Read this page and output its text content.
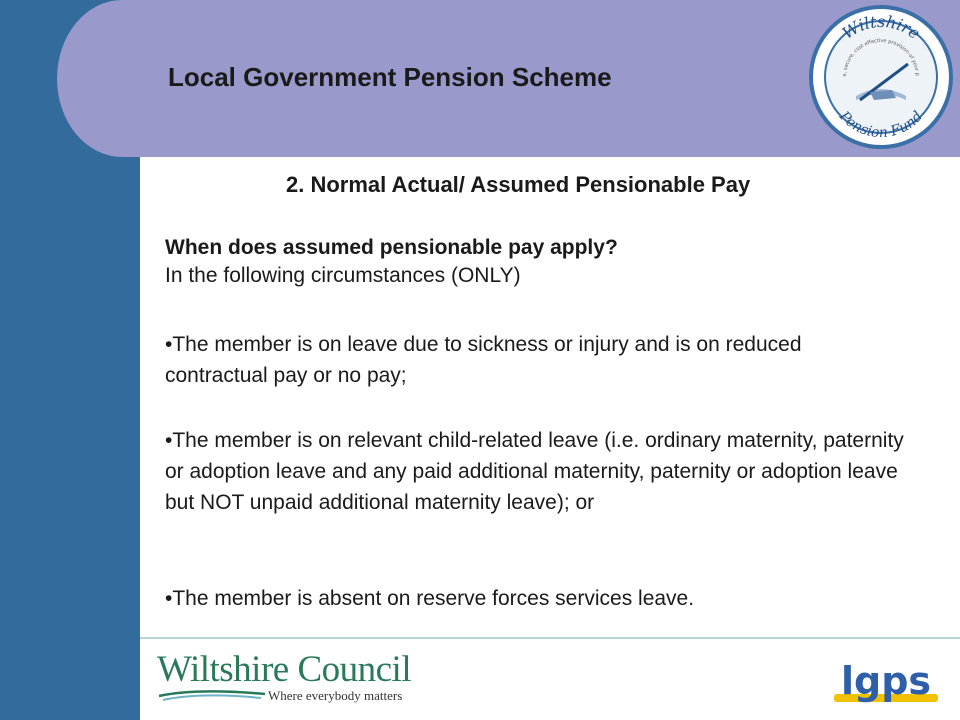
Local Government Pension Scheme
Wiltshire
Pension Fund
e, secure, cost effective provision of your p
2. Normal Actual/ Assumed Pensionable Pay
When does assumed pensionable pay apply?
In the following circumstances (ONLY)
•The member is on leave due to sickness or injury and is on reduced contractual pay or no pay;
•The member is on relevant child-related leave (i.e. ordinary maternity, paternity or adoption leave and any paid additional maternity, paternity or adoption leave but NOT unpaid additional maternity leave); or
•The member is absent on reserve forces services leave.
Wiltshire Council
Where everybody matters	lgps
